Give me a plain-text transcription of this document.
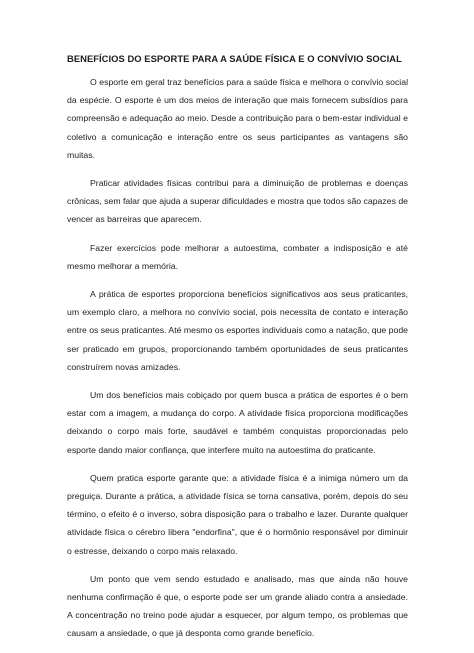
BENEFÍCIOS DO ESPORTE PARA A SAÚDE FÍSICA E O CONVÍVIO SOCIAL

O esporte em geral traz benefícios para a saúde física e melhora o convívio social da espécie. O esporte é um dos meios de interação que mais fornecem subsídios para compreensão e adequação ao meio. Desde a contribuição para o bem-estar individual e coletivo a comunicação e interação entre os seus participantes as vantagens são muitas.

Praticar atividades físicas contribui para a diminuição de problemas e doenças crônicas, sem falar que ajuda a superar dificuldades e mostra que todos são capazes de vencer as barreiras que aparecem.

Fazer exercícios pode melhorar a autoestima, combater a indisposição e até mesmo melhorar a memória.

A prática de esportes proporciona benefícios significativos aos seus praticantes, um exemplo claro, a melhora no convívio social, pois necessita de contato e interação entre os seus praticantes. Até mesmo os esportes individuais como a natação, que pode ser praticado em grupos, proporcionando também oportunidades de seus praticantes construírem novas amizades.

Um dos benefícios mais cobiçado por quem busca a prática de esportes é o bem estar com a imagem, a mudança do corpo. A atividade física proporciona modificações deixando o corpo mais forte, saudável e também conquistas proporcionadas pelo esporte dando maior confiança, que interfere muito na autoestima do praticante.

Quem pratica esporte garante que: a atividade física é a inimiga número um da preguiça. Durante a prática, a atividade física se torna cansativa, porém, depois do seu término, o efeito é o inverso, sobra disposição para o trabalho e lazer. Durante qualquer atividade física o cérebro libera "endorfina", que é o hormônio responsável por diminuir o estresse, deixando o corpo mais relaxado.

Um ponto que vem sendo estudado e analisado, mas que ainda não houve nenhuma confirmação é que, o esporte pode ser um grande aliado contra a ansiedade. A concentração no treino pode ajudar a esquecer, por algum tempo, os problemas que causam a ansiedade, o que já desponta como grande benefício.
